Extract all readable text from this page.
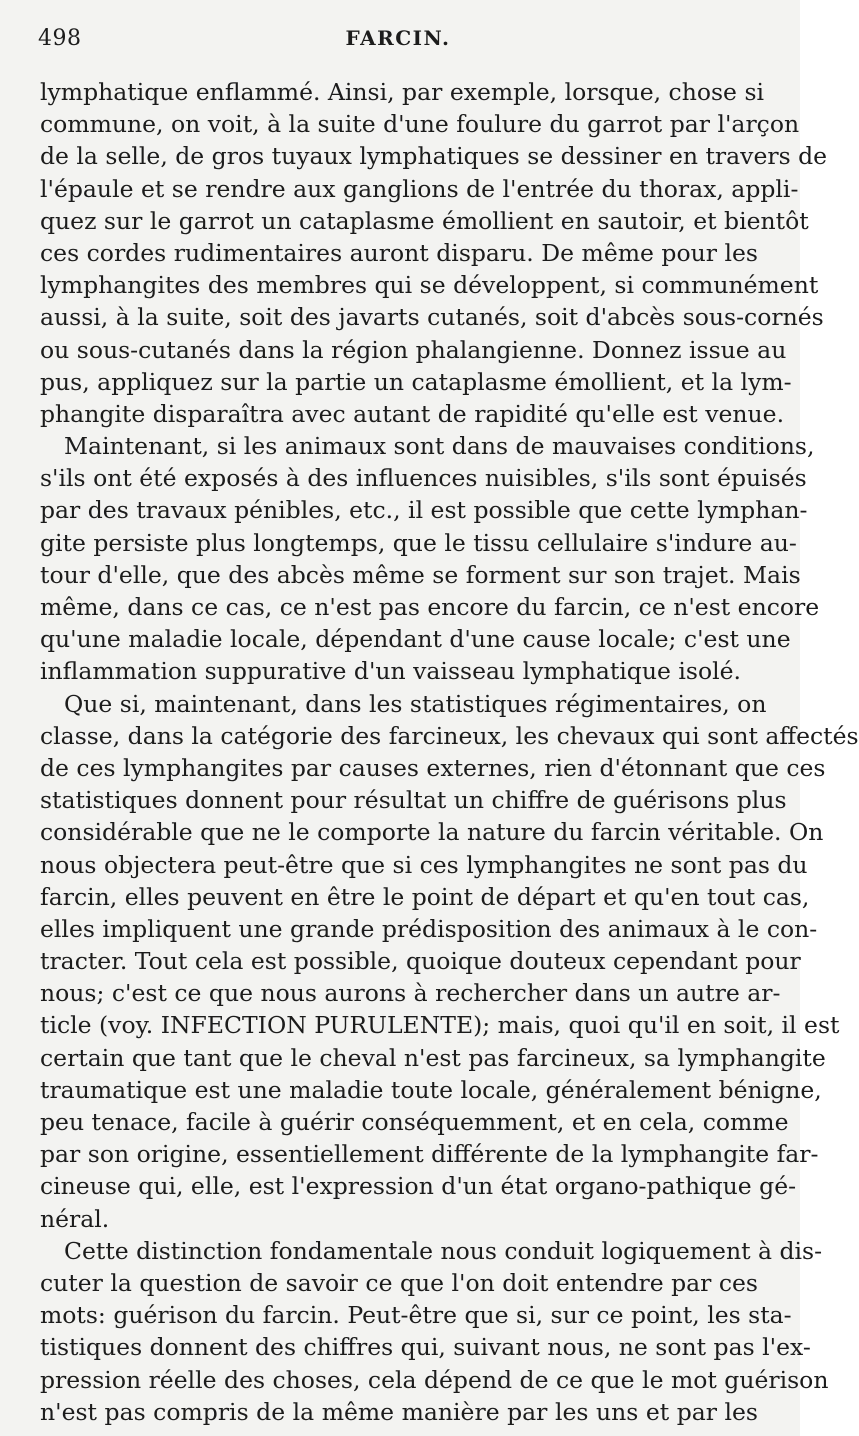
498	FARCIN.
lymphatique enflammé. Ainsi, par exemple, lorsque, chose si
commune, on voit, à la suite d'une foulure du garrot par l'arçon
de la selle, de gros tuyaux lymphatiques se dessiner en travers de
l'épaule et se rendre aux ganglions de l'entrée du thorax, appli-
quez sur le garrot un cataplasme émollient en sautoir, et bientôt
ces cordes rudimentaires auront disparu. De même pour les
lymphangites des membres qui se développent, si communément
aussi, à la suite, soit des javarts cutanés, soit d'abcès sous-cornés
ou sous-cutanés dans la région phalangienne. Donnez issue au
pus, appliquez sur la partie un cataplasme émollient, et la lym-
phangite disparaîtra avec autant de rapidité qu'elle est venue.
Maintenant, si les animaux sont dans de mauvaises conditions,
s'ils ont été exposés à des influences nuisibles, s'ils sont épuisés
par des travaux pénibles, etc., il est possible que cette lymphan-
gite persiste plus longtemps, que le tissu cellulaire s'indure au-
tour d'elle, que des abcès même se forment sur son trajet. Mais
même, dans ce cas, ce n'est pas encore du farcin, ce n'est encore
qu'une maladie locale, dépendant d'une cause locale; c'est une
inflammation suppurative d'un vaisseau lymphatique isolé.
Que si, maintenant, dans les statistiques régimentaires, on
classe, dans la catégorie des farcineux, les chevaux qui sont affectés
de ces lymphangites par causes externes, rien d'étonnant que ces
statistiques donnent pour résultat un chiffre de guérisons plus
considérable que ne le comporte la nature du farcin véritable. On
nous objectera peut-être que si ces lymphangites ne sont pas du
farcin, elles peuvent en être le point de départ et qu'en tout cas,
elles impliquent une grande prédisposition des animaux à le con-
tracter. Tout cela est possible, quoique douteux cependant pour
nous; c'est ce que nous aurons à rechercher dans un autre ar-
ticle (voy. INFECTION PURULENTE); mais, quoi qu'il en soit, il est
certain que tant que le cheval n'est pas farcineux, sa lymphangite
traumatique est une maladie toute locale, généralement bénigne,
peu tenace, facile à guérir conséquemment, et en cela, comme
par son origine, essentiellement différente de la lymphangite far-
cineuse qui, elle, est l'expression d'un état organo-pathique gé-
néral.
Cette distinction fondamentale nous conduit logiquement à dis-
cuter la question de savoir ce que l'on doit entendre par ces
mots: guérison du farcin. Peut-être que si, sur ce point, les sta-
tistiques donnent des chiffres qui, suivant nous, ne sont pas l'ex-
pression réelle des choses, cela dépend de ce que le mot guérison
n'est pas compris de la même manière par les uns et par les
